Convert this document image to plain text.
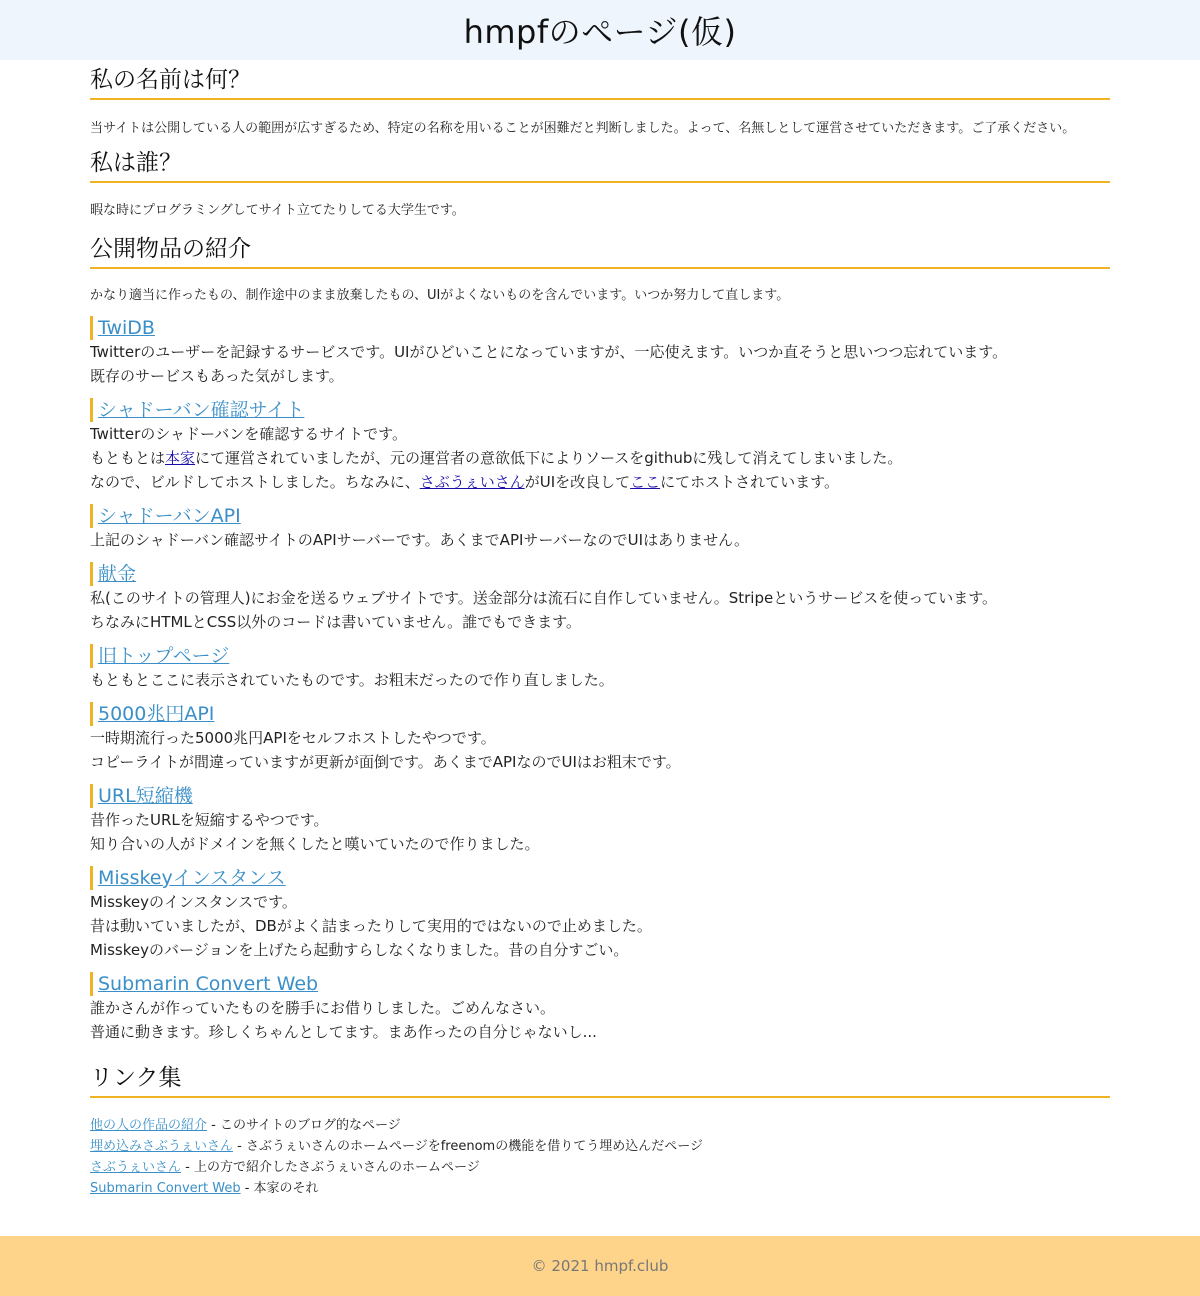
hmpfのページ(仮)
私の名前は何？

当サイトは公開している人の範囲が広すぎるため、特定の名称を用いることが困難だと判断しました。よって、名無しとして運営させていただきます。ご了承ください。

私は誰？

暇な時にプログラミングしてサイト立てたりしてる大学生です。

公開物品の紹介

かなり適当に作ったもの、制作途中のまま放棄したもの、UIがよくないものを含んでいます。いつか努力して直します。

TwiDB
Twitterのユーザーを記録するサービスです。UIがひどいことになっていますが、一応使えます。いつか直そうと思いつつ忘れています。
既存のサービスもあった気がします。
シャドーバン確認サイト
Twitterのシャドーバンを確認するサイトです。
もともとは本家にて運営されていましたが、元の運営者の意欲低下によりソースをgithubに残して消えてしまいました。
なので、ビルドしてホストしました。ちなみに、さぶうぇいさんがUIを改良してここにてホストされています。
シャドーバンAPI
上記のシャドーバン確認サイトのAPIサーバーです。あくまでAPIサーバーなのでUIはありません。
献金
私(このサイトの管理人)にお金を送るウェブサイトです。送金部分は流石に自作していません。Stripeというサービスを使っています。
ちなみにHTMLとCSS以外のコードは書いていません。誰でもできます。
旧トップページ
もともとここに表示されていたものです。お粗末だったので作り直しました。
5000兆円API
一時期流行った5000兆円APIをセルフホストしたやつです。
コピーライトが間違っていますが更新が面倒です。あくまでAPIなのでUIはお粗末です。
URL短縮機
昔作ったURLを短縮するやつです。
知り合いの人がドメインを無くしたと嘆いていたので作りました。
Misskeyインスタンス
Misskeyのインスタンスです。
昔は動いていましたが、DBがよく詰まったりして実用的ではないので止めました。
Misskeyのバージョンを上げたら起動すらしなくなりました。昔の自分すごい。
Submarin Convert Web
誰かさんが作っていたものを勝手にお借りしました。ごめんなさい。
普通に動きます。珍しくちゃんとしてます。まあ作ったの自分じゃないし...
リンク集
他の人の作品の紹介 - このサイトのブログ的なページ
埋め込みさぶうぇいさん - さぶうぇいさんのホームページをfreenomの機能を借りてう埋め込んだページ
さぶうぇいさん - 上の方で紹介したさぶうぇいさんのホームページ
Submarin Convert Web - 本家のそれ
© 2021 hmpf.club
